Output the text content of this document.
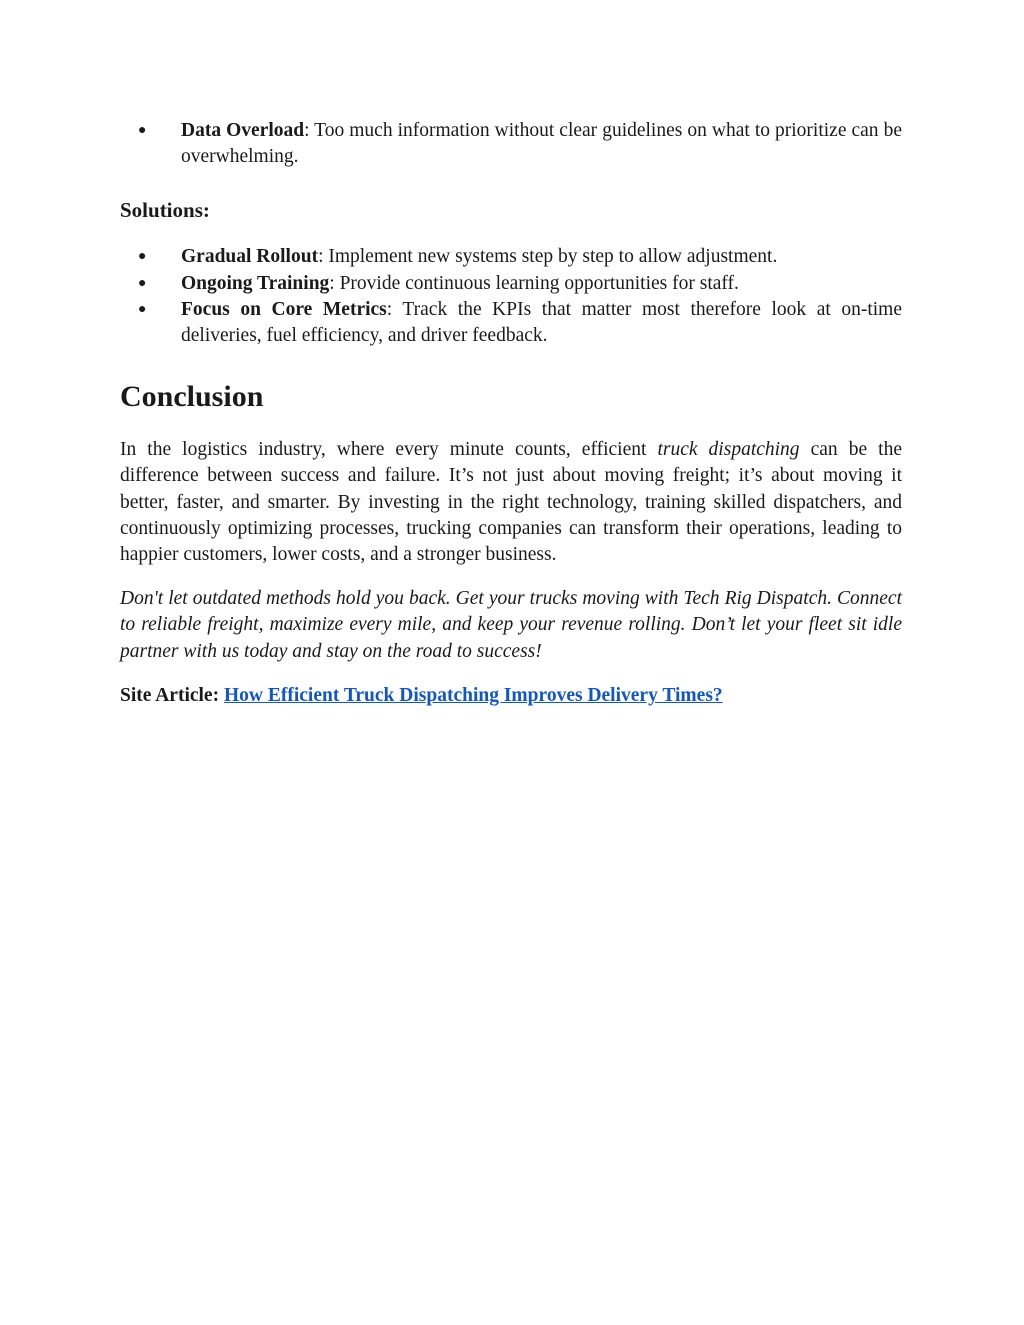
● Data Overload: Too much information without clear guidelines on what to prioritize can be overwhelming.
Solutions:
● Gradual Rollout: Implement new systems step by step to allow adjustment.
● Ongoing Training: Provide continuous learning opportunities for staff.
● Focus on Core Metrics: Track the KPIs that matter most therefore look at on-time deliveries, fuel efficiency, and driver feedback.
Conclusion

In the logistics industry, where every minute counts, efficient truck dispatching can be the difference between success and failure. It’s not just about moving freight; it’s about moving it better, faster, and smarter. By investing in the right technology, training skilled dispatchers, and continuously optimizing processes, trucking companies can transform their operations, leading to happier customers, lower costs, and a stronger business.

Don't let outdated methods hold you back. Get your trucks moving with Tech Rig Dispatch. Connect to reliable freight, maximize every mile, and keep your revenue rolling. Don’t let your fleet sit idle partner with us today and stay on the road to success!

Site Article: How Efficient Truck Dispatching Improves Delivery Times?
